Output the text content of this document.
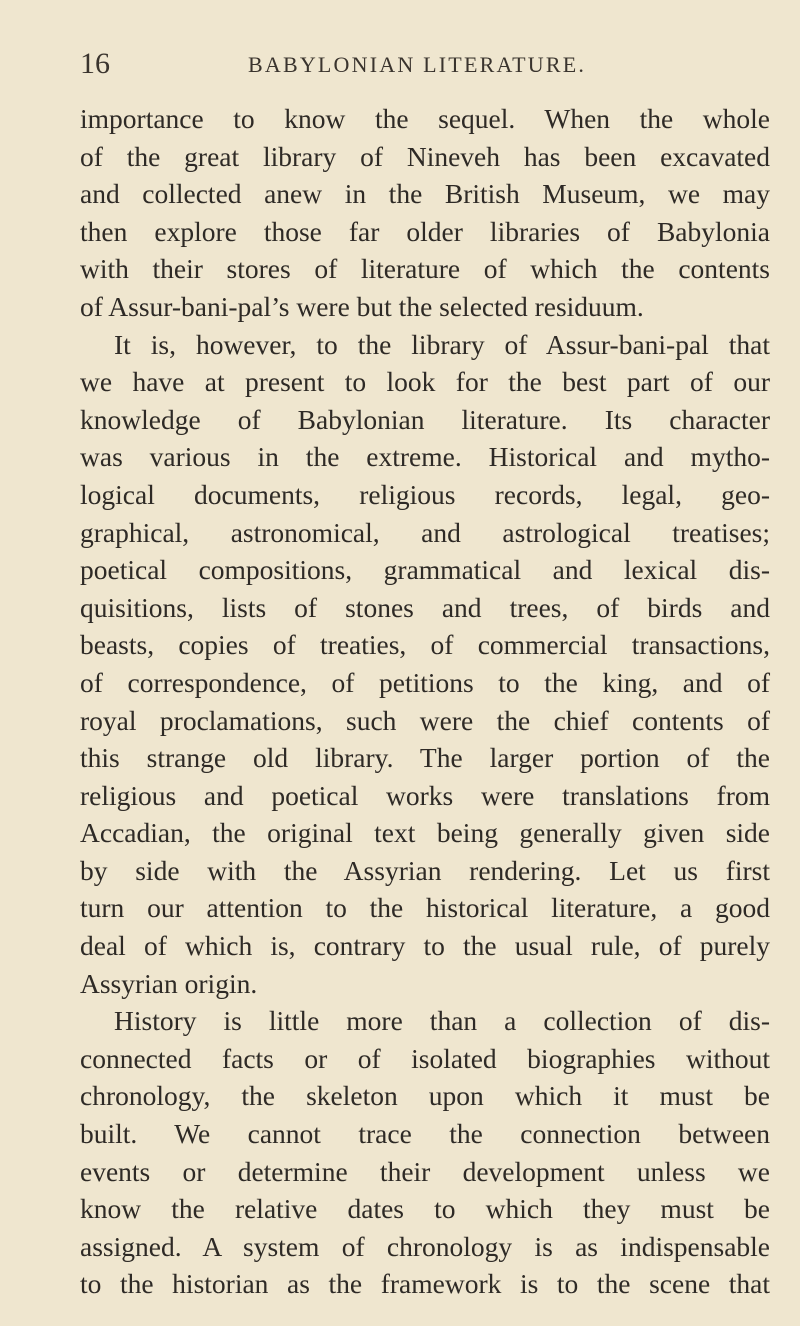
16	BABYLONIAN LITERATURE.
importance to know the sequel. When the whole
of the great library of Nineveh has been excavated
and collected anew in the British Museum, we may
then explore those far older libraries of Babylonia
with their stores of literature of which the contents
of Assur-bani-pal’s were but the selected residuum.
It is, however, to the library of Assur-bani-pal that
we have at present to look for the best part of our
knowledge of Babylonian literature. Its character
was various in the extreme. Historical and mytho-
logical documents, religious records, legal, geo-
graphical, astronomical, and astrological treatises;
poetical compositions, grammatical and lexical dis-
quisitions, lists of stones and trees, of birds and
beasts, copies of treaties, of commercial transactions,
of correspondence, of petitions to the king, and of
royal proclamations, such were the chief contents of
this strange old library. The larger portion of the
religious and poetical works were translations from
Accadian, the original text being generally given side
by side with the Assyrian rendering. Let us first
turn our attention to the historical literature, a good
deal of which is, contrary to the usual rule, of purely
Assyrian origin.
History is little more than a collection of dis-
connected facts or of isolated biographies without
chronology, the skeleton upon which it must be
built. We cannot trace the connection between
events or determine their development unless we
know the relative dates to which they must be
assigned. A system of chronology is as indispensable
to the historian as the framework is to the scene that
